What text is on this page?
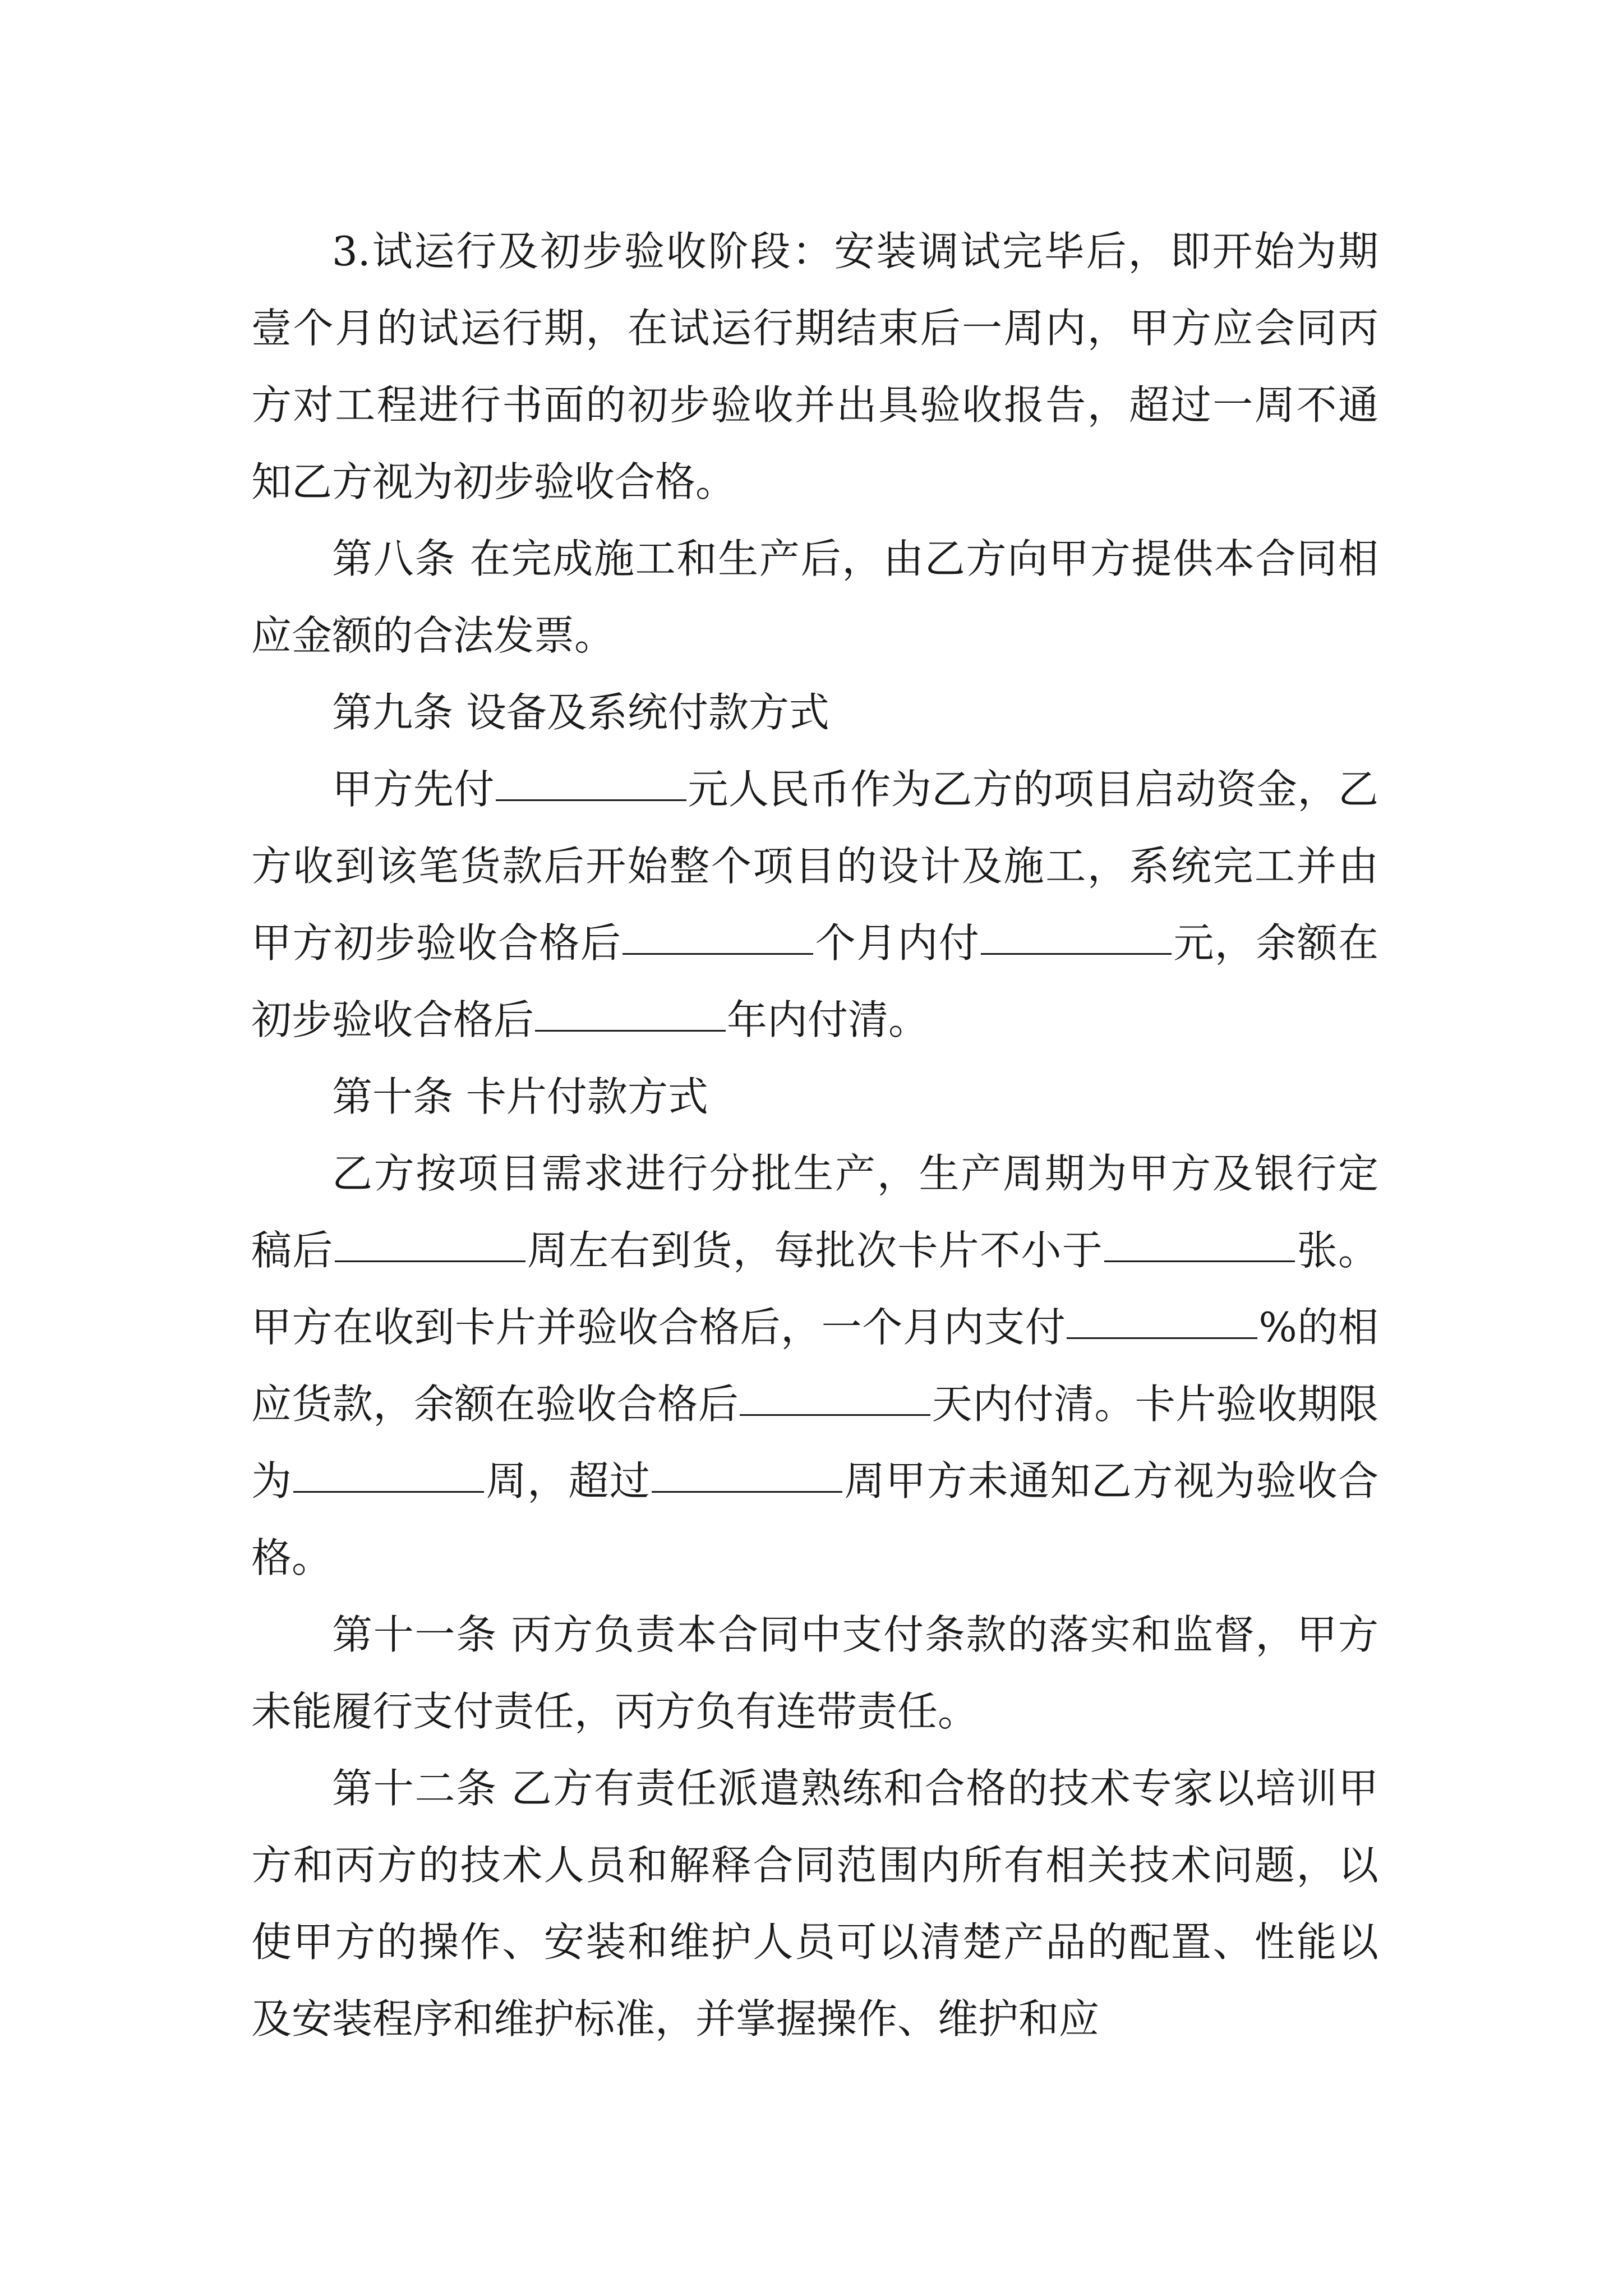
3.试运行及初步验收阶段：安装调试完毕后，即开始为期壹个月的试运行期，在试运行期结束后一周内，甲方应会同丙方对工程进行书面的初步验收并出具验收报告，超过一周不通知乙方视为初步验收合格。

第八条 在完成施工和生产后，由乙方向甲方提供本合同相应金额的合法发票。

第九条 设备及系统付款方式

甲方先付	元人民币作为乙方的项目启动资金，乙方收到该笔货款后开始整个项目的设计及施工，系统完工并由甲方初步验收合格后	个月内付	元，余额在初步验收合格后	年内付清。

第十条 卡片付款方式

乙方按项目需求进行分批生产，生产周期为甲方及银行定稿后	周左右到货，每批次卡片不小于	张。甲方在收到卡片并验收合格后，一个月内支付	%的相应货款，余额在验收合格后	天内付清。卡片验收期限为	周，超过	周甲方未通知乙方视为验收合格。

第十一条 丙方负责本合同中支付条款的落实和监督，甲方未能履行支付责任，丙方负有连带责任。

第十二条 乙方有责任派遣熟练和合格的技术专家以培训甲方和丙方的技术人员和解释合同范围内所有相关技术问题，以使甲方的操作、安装和维护人员可以清楚产品的配置、性能以及安装程序和维护标准，并掌握操作、维护和应
